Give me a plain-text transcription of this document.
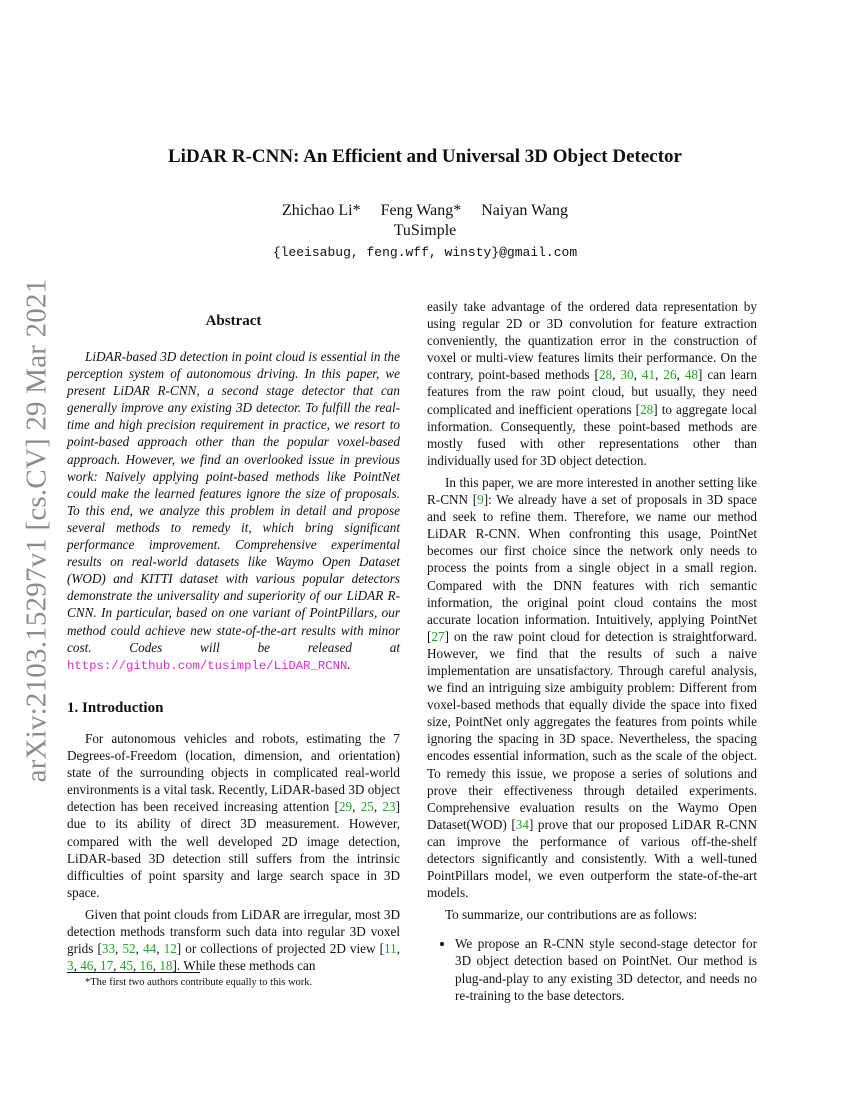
arXiv:2103.15297v1 [cs.CV] 29 Mar 2021
LiDAR R-CNN: An Efficient and Universal 3D Object Detector
Zhichao Li* Feng Wang* Naiyan Wang
TuSimple
{leeisabug, feng.wff, winsty}@gmail.com
Abstract

LiDAR-based 3D detection in point cloud is essential in the perception system of autonomous driving. In this paper, we present LiDAR R-CNN, a second stage detector that can generally improve any existing 3D detector. To fulfill the real-time and high precision requirement in practice, we resort to point-based approach other than the popular voxel-based approach. However, we find an overlooked issue in previous work: Naively applying point-based methods like PointNet could make the learned features ignore the size of proposals. To this end, we analyze this problem in detail and propose several methods to remedy it, which bring significant performance improvement. Comprehensive experimental results on real-world datasets like Waymo Open Dataset (WOD) and KITTI dataset with various popular detectors demonstrate the universality and superiority of our LiDAR R-CNN. In particular, based on one variant of PointPillars, our method could achieve new state-of-the-art results with minor cost. Codes will be released at https://github.com/tusimple/LiDAR_RCNN.

1. Introduction

For autonomous vehicles and robots, estimating the 7 Degrees-of-Freedom (location, dimension, and orientation) state of the surrounding objects in complicated real-world environments is a vital task. Recently, LiDAR-based 3D object detection has been received increasing attention [29, 25, 23] due to its ability of direct 3D measurement. However, compared with the well developed 2D image detection, LiDAR-based 3D detection still suffers from the intrinsic difficulties of point sparsity and large search space in 3D space.

Given that point clouds from LiDAR are irregular, most 3D detection methods transform such data into regular 3D voxel grids [33, 52, 44, 12] or collections of projected 2D view [11, 3, 46, 17, 45, 16, 18]. While these methods can

*The first two authors contribute equally to this work.

easily take advantage of the ordered data representation by using regular 2D or 3D convolution for feature extraction conveniently, the quantization error in the construction of voxel or multi-view features limits their performance. On the contrary, point-based methods [28, 30, 41, 26, 48] can learn features from the raw point cloud, but usually, they need complicated and inefficient operations [28] to aggregate local information. Consequently, these point-based methods are mostly fused with other representations other than individually used for 3D object detection.

In this paper, we are more interested in another setting like R-CNN [9]: We already have a set of proposals in 3D space and seek to refine them. Therefore, we name our method LiDAR R-CNN. When confronting this usage, PointNet becomes our first choice since the network only needs to process the points from a single object in a small region. Compared with the DNN features with rich semantic information, the original point cloud contains the most accurate location information. Intuitively, applying PointNet [27] on the raw point cloud for detection is straightforward. However, we find that the results of such a naive implementation are unsatisfactory. Through careful analysis, we find an intriguing size ambiguity problem: Different from voxel-based methods that equally divide the space into fixed size, PointNet only aggregates the features from points while ignoring the spacing in 3D space. Nevertheless, the spacing encodes essential information, such as the scale of the object. To remedy this issue, we propose a series of solutions and prove their effectiveness through detailed experiments. Comprehensive evaluation results on the Waymo Open Dataset(WOD) [34] prove that our proposed LiDAR R-CNN can improve the performance of various off-the-shelf detectors significantly and consistently. With a well-tuned PointPillars model, we even outperform the state-of-the-art models.

To summarize, our contributions are as follows:

• We propose an R-CNN style second-stage detector for 3D object detection based on PointNet. Our method is plug-and-play to any existing 3D detector, and needs no re-training to the base detectors.
